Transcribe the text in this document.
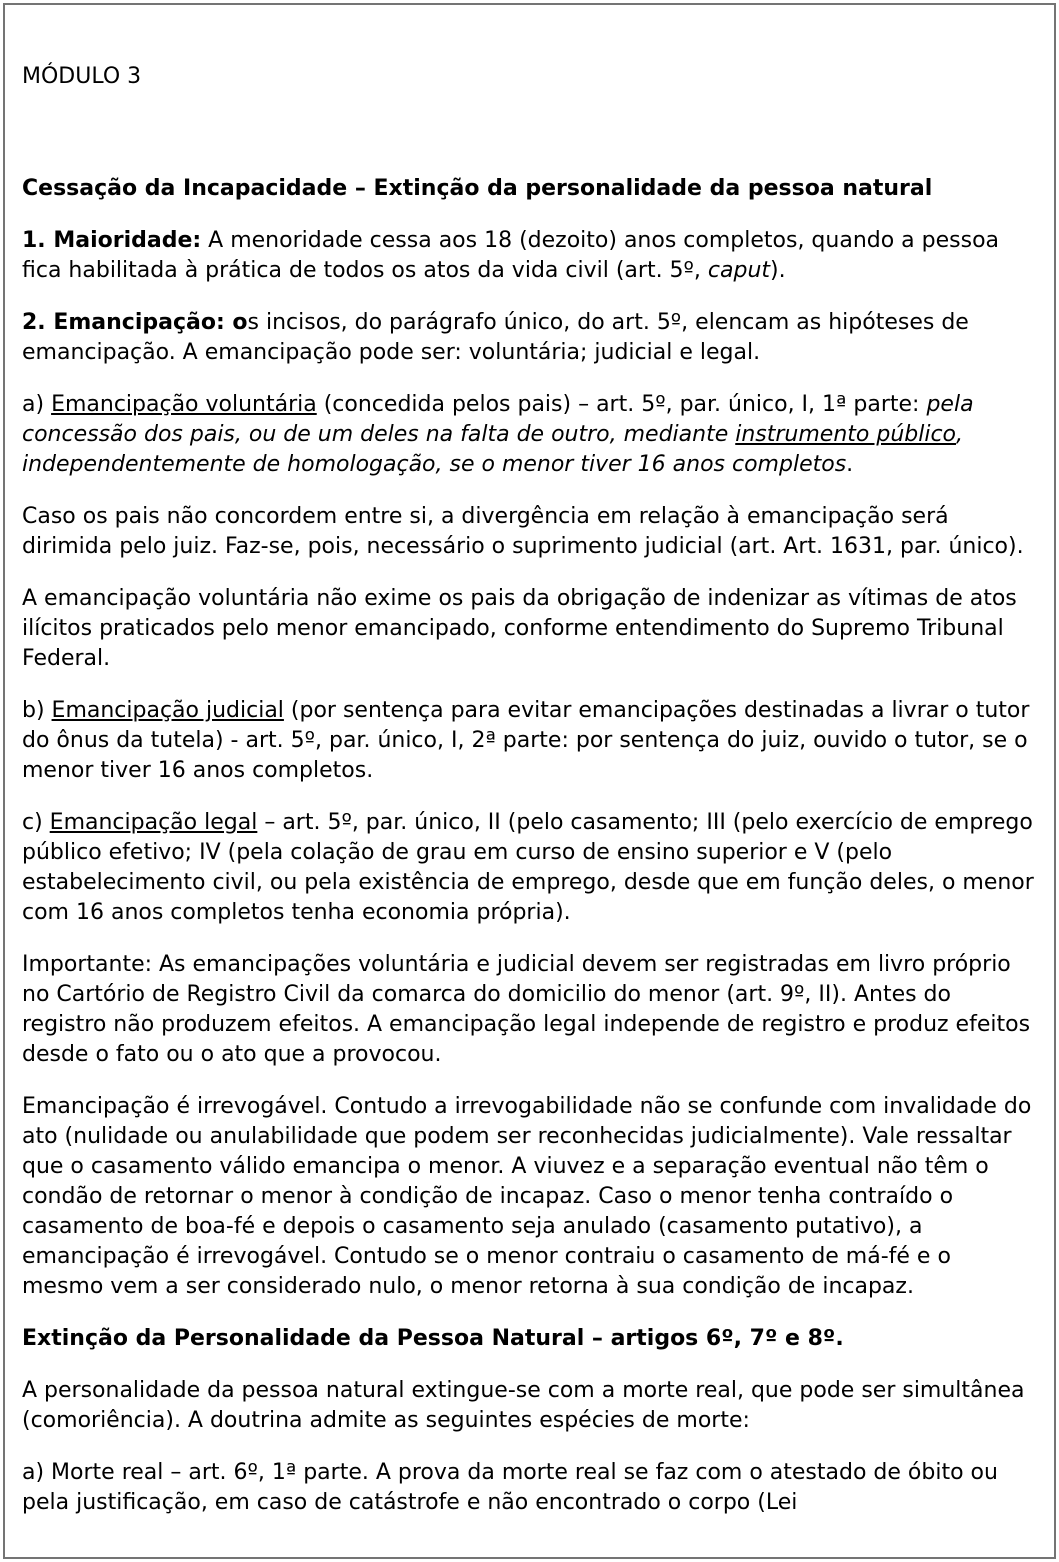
MÓDULO 3

Cessação da Incapacidade – Extinção da personalidade da pessoa natural

1. Maioridade: A menoridade cessa aos 18 (dezoito) anos completos, quando a pessoa fica habilitada à prática de todos os atos da vida civil (art. 5º, caput).

2. Emancipação: os incisos, do parágrafo único, do art. 5º, elencam as hipóteses de emancipação. A emancipação pode ser: voluntária; judicial e legal.

a) Emancipação voluntária (concedida pelos pais) – art. 5º, par. único, I, 1ª parte: pela concessão dos pais, ou de um deles na falta de outro, mediante instrumento público, independentemente de homologação, se o menor tiver 16 anos completos.

Caso os pais não concordem entre si, a divergência em relação à emancipação será dirimida pelo juiz. Faz-se, pois, necessário o suprimento judicial (art. Art. 1631, par. único).

A emancipação voluntária não exime os pais da obrigação de indenizar as vítimas de atos ilícitos praticados pelo menor emancipado, conforme entendimento do Supremo Tribunal Federal.

b) Emancipação judicial (por sentença para evitar emancipações destinadas a livrar o tutor do ônus da tutela) - art. 5º, par. único, I, 2ª parte: por sentença do juiz, ouvido o tutor, se o menor tiver 16 anos completos.

c) Emancipação legal – art. 5º, par. único, II (pelo casamento; III (pelo exercício de emprego público efetivo; IV (pela colação de grau em curso de ensino superior e V (pelo estabelecimento civil, ou pela existência de emprego, desde que em função deles, o menor com 16 anos completos tenha economia própria).

Importante: As emancipações voluntária e judicial devem ser registradas em livro próprio no Cartório de Registro Civil da comarca do domicilio do menor (art. 9º, II). Antes do registro não produzem efeitos. A emancipação legal independe de registro e produz efeitos desde o fato ou o ato que a provocou.

Emancipação é irrevogável. Contudo a irrevogabilidade não se confunde com invalidade do ato (nulidade ou anulabilidade que podem ser reconhecidas judicialmente). Vale ressaltar que o casamento válido emancipa o menor. A viuvez e a separação eventual não têm o condão de retornar o menor à condição de incapaz. Caso o menor tenha contraído o casamento de boa-fé e depois o casamento seja anulado (casamento putativo), a emancipação é irrevogável. Contudo se o menor contraiu o casamento de má-fé e o mesmo vem a ser considerado nulo, o menor retorna à sua condição de incapaz.

Extinção da Personalidade da Pessoa Natural – artigos 6º, 7º e 8º.

A personalidade da pessoa natural extingue-se com a morte real, que pode ser simultânea (comoriência). A doutrina admite as seguintes espécies de morte:

a) Morte real – art. 6º, 1ª parte. A prova da morte real se faz com o atestado de óbito ou pela justificação, em caso de catástrofe e não encontrado o corpo (Lei
